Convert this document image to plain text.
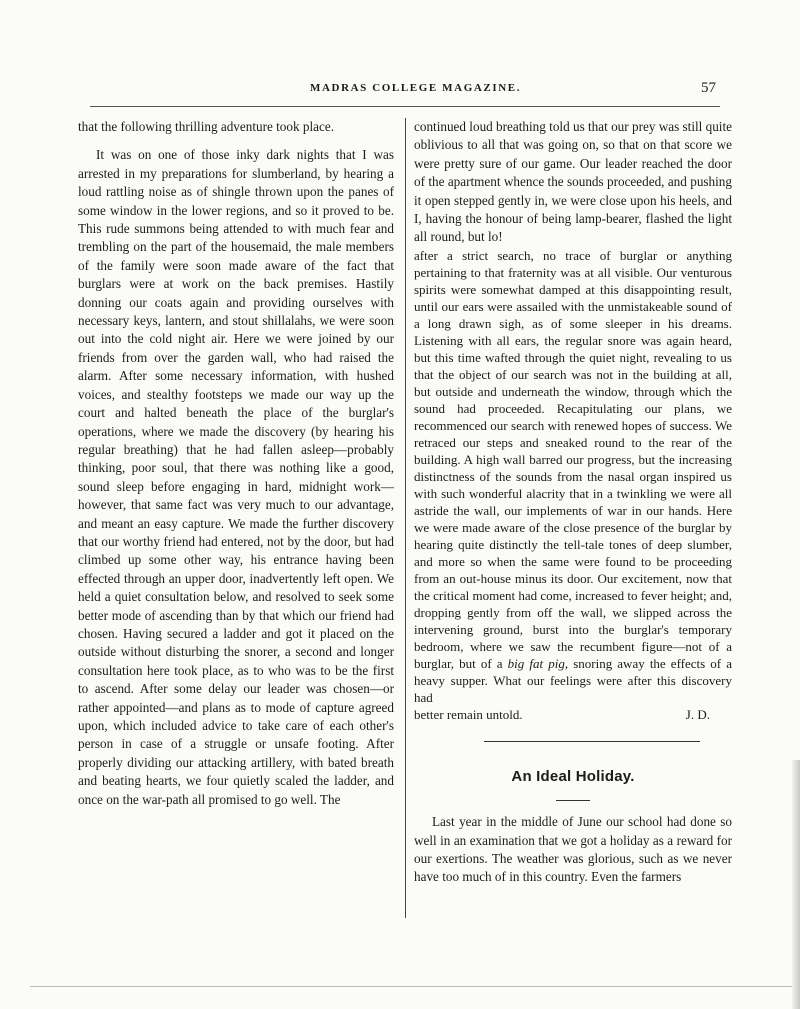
MADRAS COLLEGE MAGAZINE.	57

that the following thrilling adventure took place.

It was on one of those inky dark nights that I was arrested in my preparations for slumberland, by hearing a loud rattling noise as of shingle thrown upon the panes of some window in the lower regions, and so it proved to be. This rude summons being attended to with much fear and trembling on the part of the housemaid, the male members of the family were soon made aware of the fact that burglars were at work on the back premises. Hastily donning our coats again and providing ourselves with necessary keys, lantern, and stout shillalahs, we were soon out into the cold night air. Here we were joined by our friends from over the garden wall, who had raised the alarm. After some necessary information, with hushed voices, and stealthy footsteps we made our way up the court and halted beneath the place of the burglar's operations, where we made the discovery (by hearing his regular breathing) that he had fallen asleep—probably thinking, poor soul, that there was nothing like a good, sound sleep before engaging in hard, midnight work—however, that same fact was very much to our advantage, and meant an easy capture. We made the further discovery that our worthy friend had entered, not by the door, but had climbed up some other way, his entrance having been effected through an upper door, inadvertently left open. We held a quiet consultation below, and resolved to seek some better mode of ascending than by that which our friend had chosen. Having secured a ladder and got it placed on the outside without disturbing the snorer, a second and longer consultation here took place, as to who was to be the first to ascend. After some delay our leader was chosen—or rather appointed—and plans as to mode of capture agreed upon, which included advice to take care of each other's person in case of a struggle or unsafe footing. After properly dividing our attacking artillery, with bated breath and beating hearts, we four quietly scaled the ladder, and once on the war-path all promised to go well. The

continued loud breathing told us that our prey was still quite oblivious to all that was going on, so that on that score we were pretty sure of our game. Our leader reached the door of the apartment whence the sounds proceeded, and pushing it open stepped gently in, we were close upon his heels, and I, having the honour of being lamp-bearer, flashed the light all round, but lo!

after a strict search, no trace of burglar or anything pertaining to that fraternity was at all visible. Our venturous spirits were somewhat damped at this disappointing result, until our ears were assailed with the unmistakeable sound of a long drawn sigh, as of some sleeper in his dreams. Listening with all ears, the regular snore was again heard, but this time wafted through the quiet night, revealing to us that the object of our search was not in the building at all, but outside and underneath the window, through which the sound had proceeded. Recapitulating our plans, we recommenced our search with renewed hopes of success. We retraced our steps and sneaked round to the rear of the building. A high wall barred our progress, but the increasing distinctness of the sounds from the nasal organ inspired us with such wonderful alacrity that in a twinkling we were all astride the wall, our implements of war in our hands. Here we were made aware of the close presence of the burglar by hearing quite distinctly the tell-tale tones of deep slumber, and more so when the same were found to be proceeding from an out-house minus its door. Our excitement, now that the critical moment had come, increased to fever height; and, dropping gently from off the wall, we slipped across the intervening ground, burst into the burglar's temporary bedroom, where we saw the recumbent figure—not of a burglar, but of a big fat pig, snoring away the effects of a heavy supper. What our feelings were after this discovery had

better remain untold.	J. D.
An Ideal Holiday.

Last year in the middle of June our school had done so well in an examination that we got a holiday as a reward for our exertions. The weather was glorious, such as we never have too much of in this country. Even the farmers
